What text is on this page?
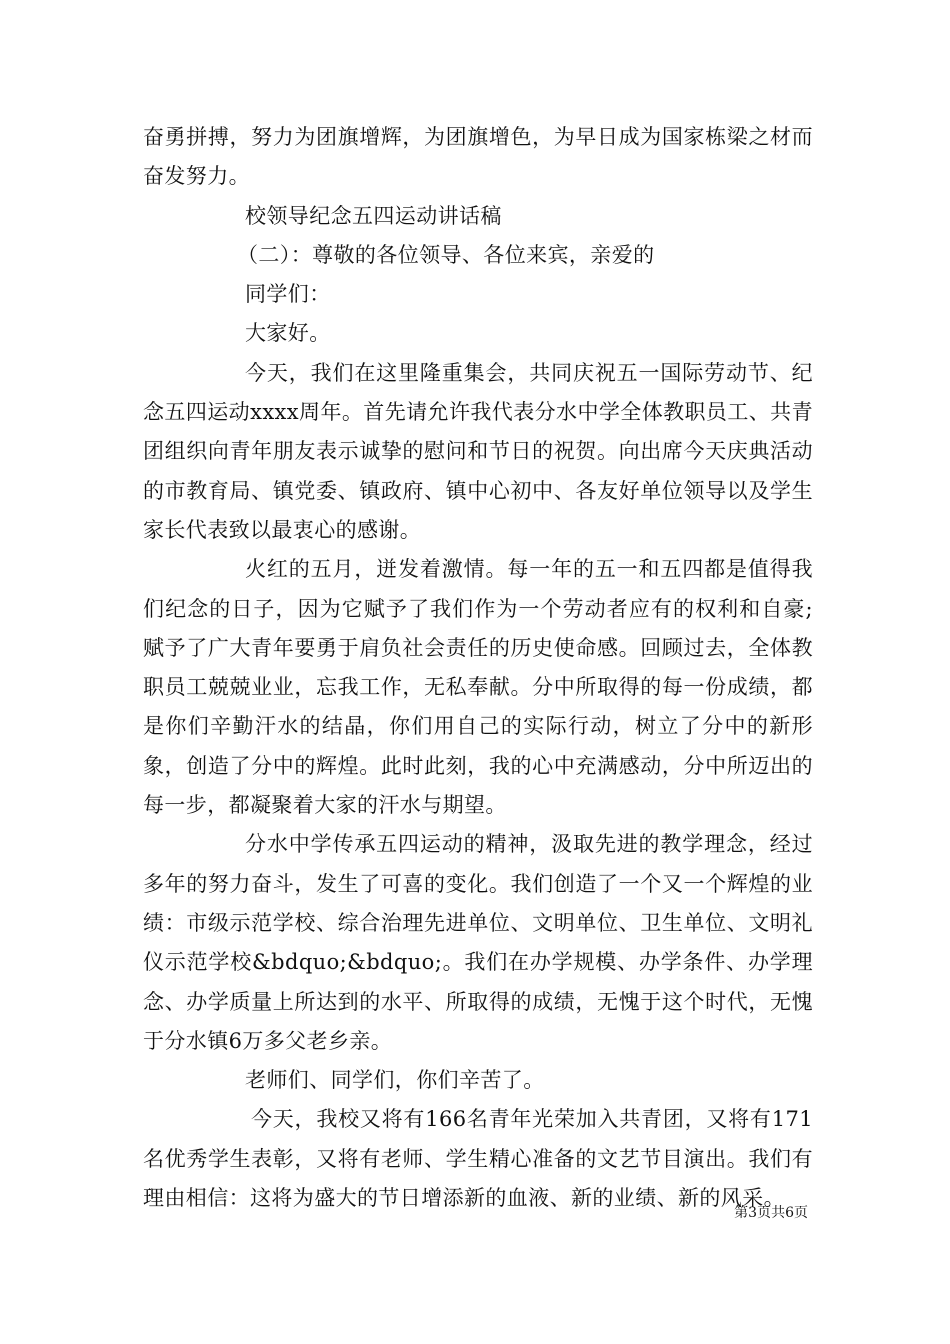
奋勇拼搏，努力为团旗增辉，为团旗增色，为早日成为国家栋梁之材而奋发努力。

校领导纪念五四运动讲话稿

（二）：尊敬的各位领导、各位来宾，亲爱的

同学们：

大家好。

今天，我们在这里隆重集会，共同庆祝五一国际劳动节、纪念五四运动xxxx周年。首先请允许我代表分水中学全体教职员工、共青团组织向青年朋友表示诚挚的慰问和节日的祝贺。向出席今天庆典活动的市教育局、镇党委、镇政府、镇中心初中、各友好单位领导以及学生家长代表致以最衷心的感谢。

火红的五月，迸发着激情。每一年的五一和五四都是值得我们纪念的日子，因为它赋予了我们作为一个劳动者应有的权利和自豪;赋予了广大青年要勇于肩负社会责任的历史使命感。回顾过去，全体教职员工兢兢业业，忘我工作，无私奉献。分中所取得的每一份成绩，都是你们辛勤汗水的结晶，你们用自己的实际行动，树立了分中的新形象，创造了分中的辉煌。此时此刻，我的心中充满感动，分中所迈出的每一步，都凝聚着大家的汗水与期望。

分水中学传承五四运动的精神，汲取先进的教学理念，经过多年的努力奋斗，发生了可喜的变化。我们创造了一个又一个辉煌的业绩：市级示范学校、综合治理先进单位、文明单位、卫生单位、文明礼仪示范学校&bdquo;&bdquo;。我们在办学规模、办学条件、办学理念、办学质量上所达到的水平、所取得的成绩，无愧于这个时代，无愧于分水镇6万多父老乡亲。

老师们、同学们，你们辛苦了。

今天，我校又将有166名青年光荣加入共青团，又将有171名优秀学生表彰，又将有老师、学生精心准备的文艺节目演出。我们有理由相信：这将为盛大的节日增添新的血液、新的业绩、新的风采。

第3页共6页
